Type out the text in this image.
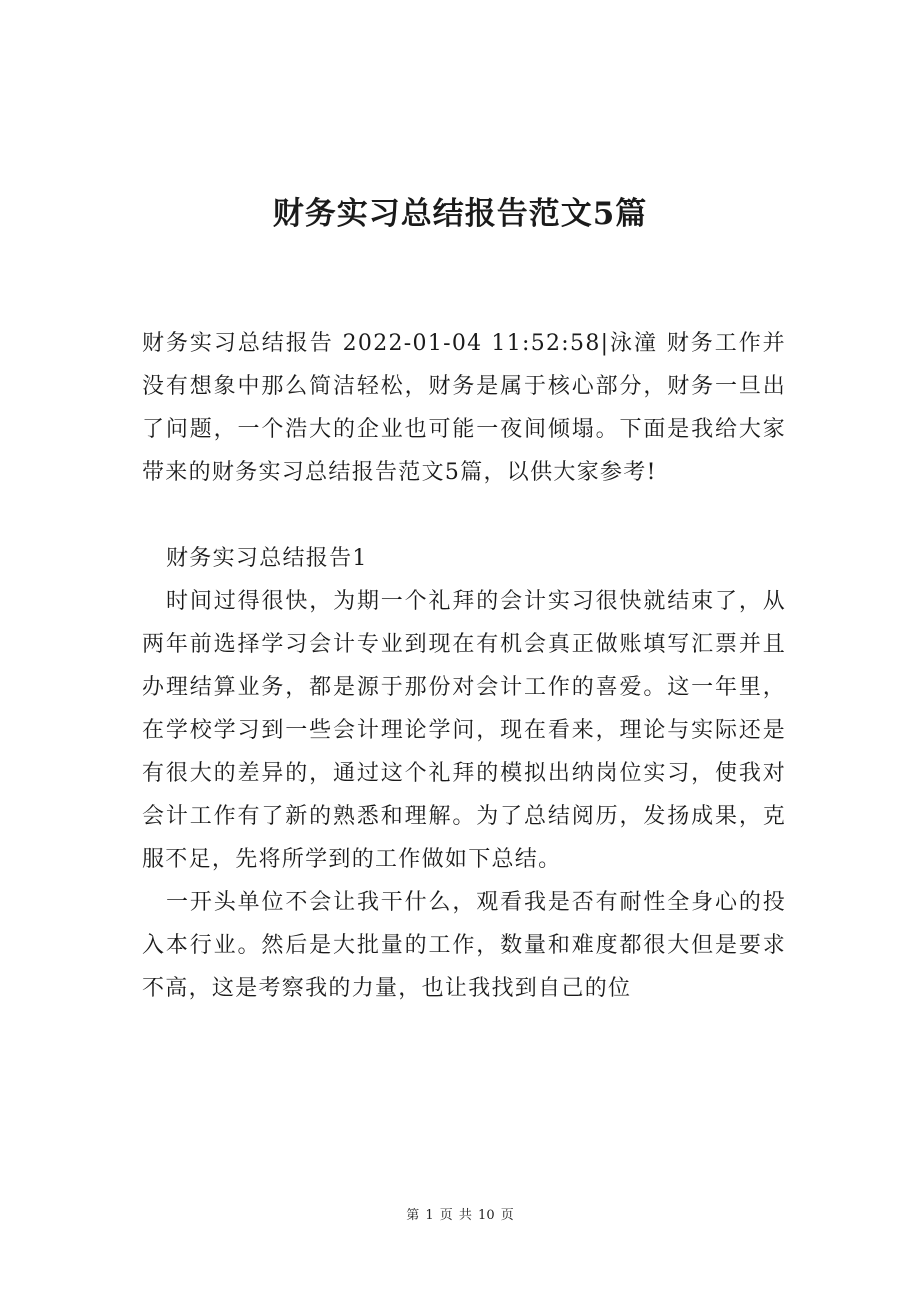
财务实习总结报告范文5篇

财务实习总结报告 2022-01-04 11:52:58|泳潼 财务工作并没有想象中那么简洁轻松，财务是属于核心部分，财务一旦出了问题，一个浩大的企业也可能一夜间倾塌。下面是我给大家带来的财务实习总结报告范文5篇，以供大家参考!

财务实习总结报告1

时间过得很快，为期一个礼拜的会计实习很快就结束了，从两年前选择学习会计专业到现在有机会真正做账填写汇票并且办理结算业务，都是源于那份对会计工作的喜爱。这一年里，在学校学习到一些会计理论学问，现在看来，理论与实际还是有很大的差异的，通过这个礼拜的模拟出纳岗位实习，使我对会计工作有了新的熟悉和理解。为了总结阅历，发扬成果，克服不足，先将所学到的工作做如下总结。

一开头单位不会让我干什么，观看我是否有耐性全身心的投入本行业。然后是大批量的工作，数量和难度都很大但是要求不高，这是考察我的力量，也让我找到自己的位

第 1 页 共 10 页
